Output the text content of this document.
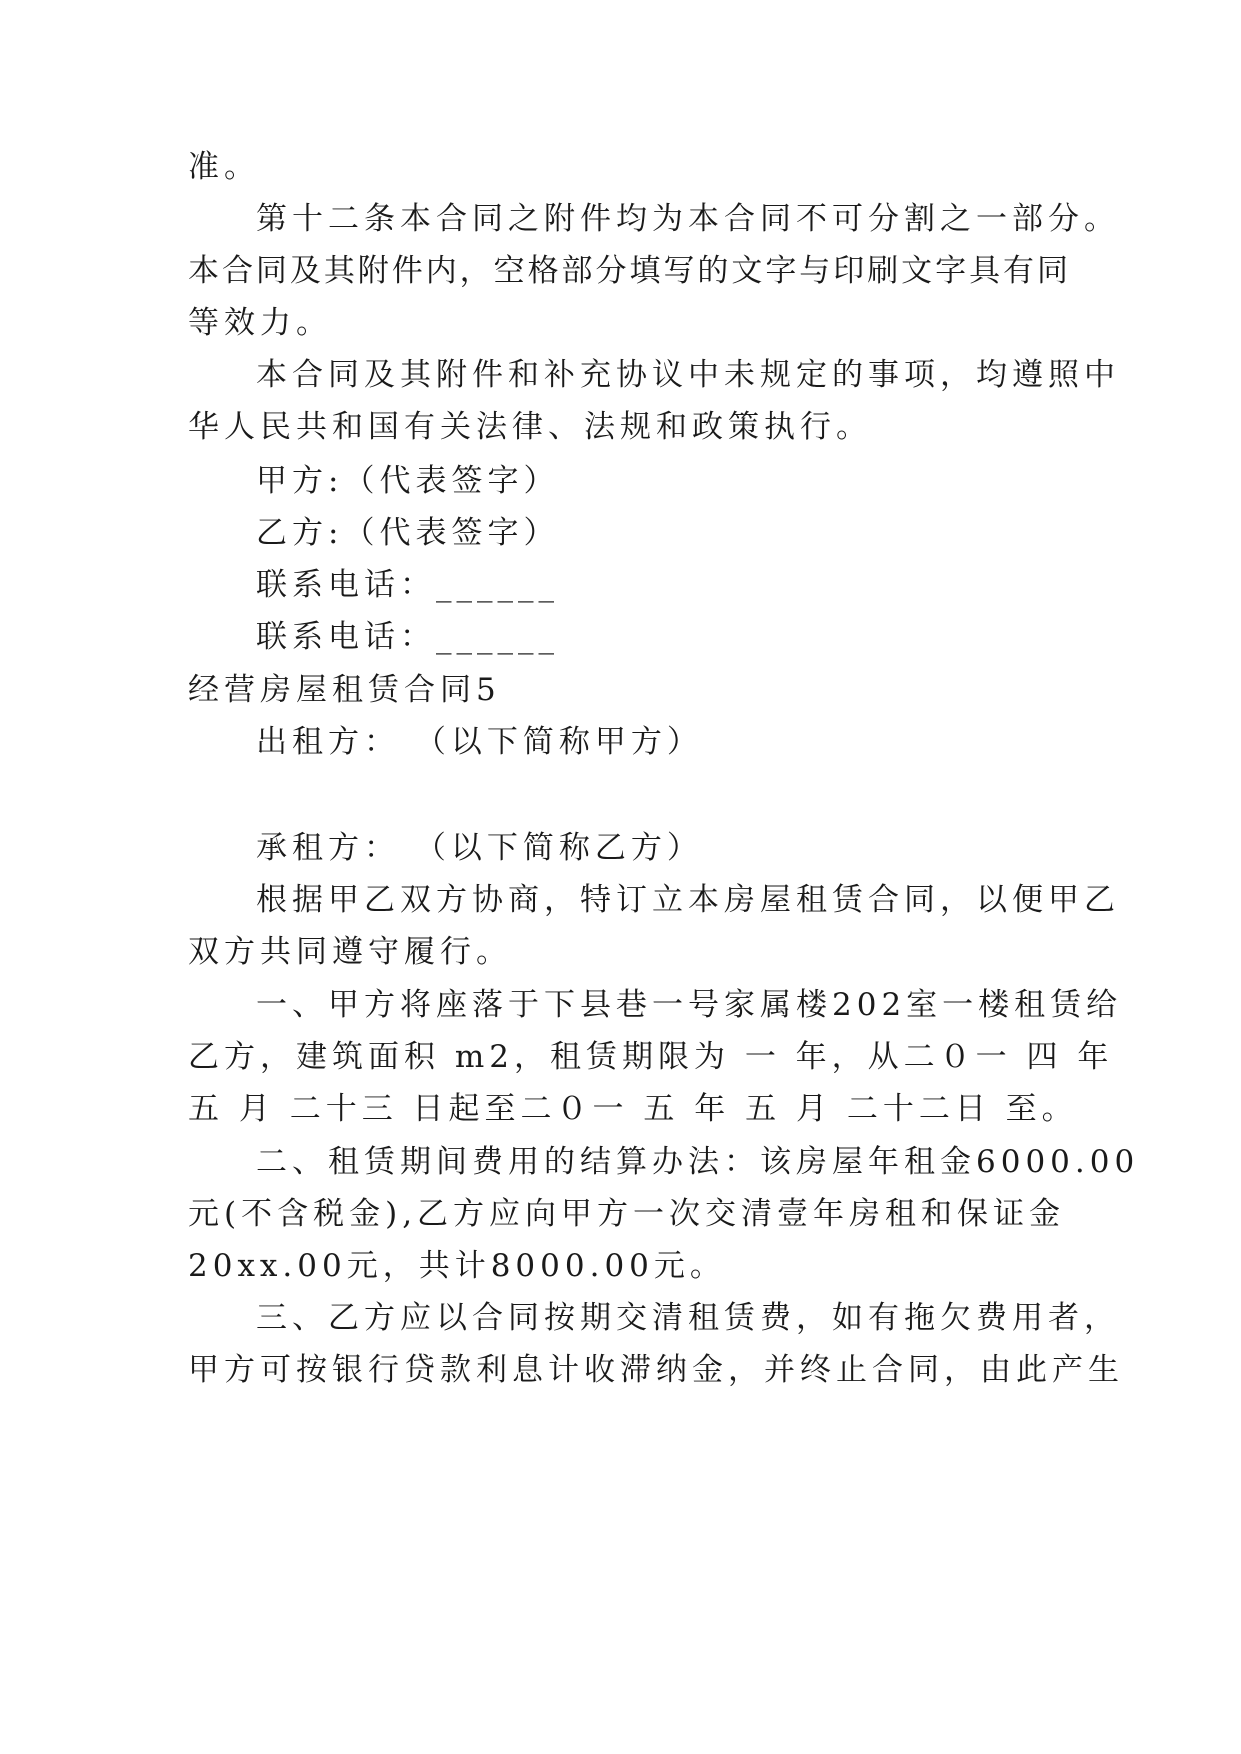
准。
第十二条本合同之附件均为本合同不可分割之一部分。
本合同及其附件内，空格部分填写的文字与印刷文字具有同
等效力。
本合同及其附件和补充协议中未规定的事项，均遵照中
华人民共和国有关法律、法规和政策执行。
甲方:（代表签字）
乙方:（代表签字）
联系电话：______
联系电话：______
经营房屋租赁合同5
出租方： （以下简称甲方）
承租方： （以下简称乙方）
根据甲乙双方协商，特订立本房屋租赁合同，以便甲乙
双方共同遵守履行。
一、甲方将座落于下县巷一号家属楼202室一楼租赁给
乙方，建筑面积 m2，租赁期限为 一 年，从二０一 四 年
五 月 二十三 日起至二０一 五 年 五 月 二十二日 至。
二、租赁期间费用的结算办法：该房屋年租金6000.00
元(不含税金),乙方应向甲方一次交清壹年房租和保证金
20xx.00元，共计8000.00元。
三、乙方应以合同按期交清租赁费，如有拖欠费用者，
甲方可按银行贷款利息计收滞纳金，并终止合同，由此产生
